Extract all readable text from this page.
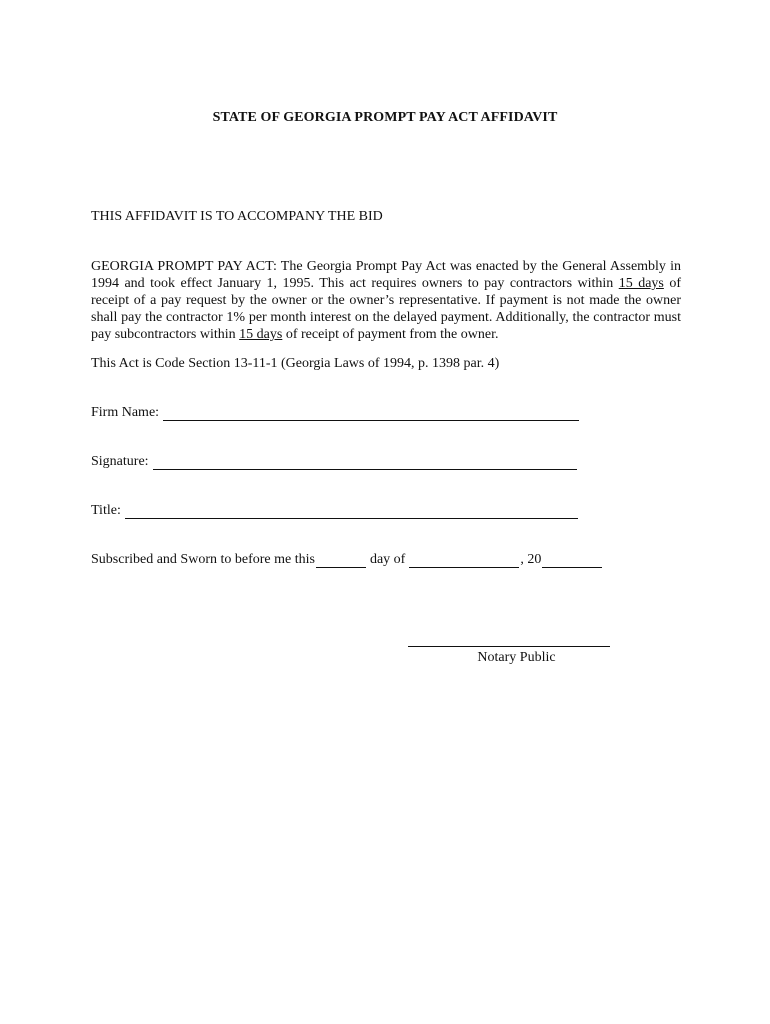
STATE OF GEORGIA PROMPT PAY ACT AFFIDAVIT
THIS AFFIDAVIT IS TO ACCOMPANY THE BID
GEORGIA PROMPT PAY ACT: The Georgia Prompt Pay Act was enacted by the General Assembly in 1994 and took effect January 1, 1995. This act requires owners to pay contractors within 15 days of receipt of a pay request by the owner or the owner’s representative. If payment is not made the owner shall pay the contractor 1% per month interest on the delayed payment. Additionally, the contractor must pay subcontractors within 15 days of receipt of payment from the owner.
This Act is Code Section 13-11-1 (Georgia Laws of 1994, p. 1398 par. 4)
Firm Name:
Signature:
Title:
Subscribed and Sworn to before me this	day of	, 20
Notary Public
